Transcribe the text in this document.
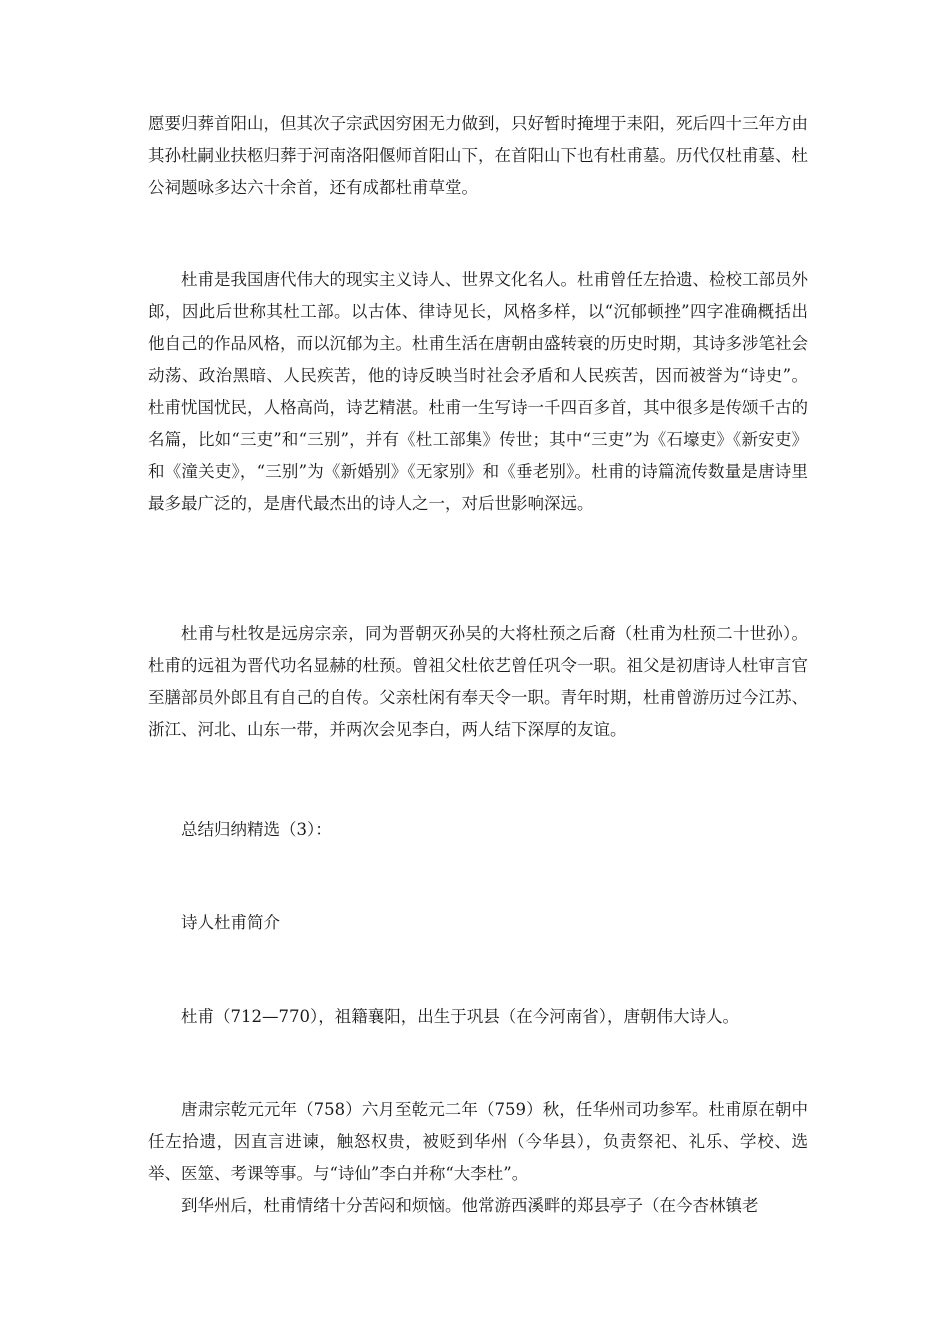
愿要归葬首阳山，但其次子宗武因穷困无力做到，只好暂时掩埋于耒阳，死后四十三年方由其孙杜嗣业扶柩归葬于河南洛阳偃师首阳山下，在首阳山下也有杜甫墓。历代仅杜甫墓、杜公祠题咏多达六十余首，还有成都杜甫草堂。

杜甫是我国唐代伟大的现实主义诗人、世界文化名人。杜甫曾任左拾遗、检校工部员外郎，因此后世称其杜工部。以古体、律诗见长，风格多样，以“沉郁顿挫”四字准确概括出他自己的作品风格，而以沉郁为主。杜甫生活在唐朝由盛转衰的历史时期，其诗多涉笔社会动荡、政治黑暗、人民疾苦，他的诗反映当时社会矛盾和人民疾苦，因而被誉为“诗史”。杜甫忧国忧民，人格高尚，诗艺精湛。杜甫一生写诗一千四百多首，其中很多是传颂千古的名篇，比如“三吏”和“三别”，并有《杜工部集》传世；其中“三吏”为《石壕吏》《新安吏》和《潼关吏》，“三别”为《新婚别》《无家别》和《垂老别》。杜甫的诗篇流传数量是唐诗里最多最广泛的，是唐代最杰出的诗人之一，对后世影响深远。

杜甫与杜牧是远房宗亲，同为晋朝灭孙吴的大将杜预之后裔（杜甫为杜预二十世孙）。杜甫的远祖为晋代功名显赫的杜预。曾祖父杜依艺曾任巩令一职。祖父是初唐诗人杜审言官至膳部员外郎且有自己的自传。父亲杜闲有奉天令一职。青年时期，杜甫曾游历过今江苏、浙江、河北、山东一带，并两次会见李白，两人结下深厚的友谊。

总结归纳精选（3）：

诗人杜甫简介

杜甫（712—770），祖籍襄阳，出生于巩县（在今河南省），唐朝伟大诗人。

唐肃宗乾元元年（758）六月至乾元二年（759）秋，任华州司功参军。杜甫原在朝中任左拾遗，因直言进谏，触怒权贵，被贬到华州（今华县），负责祭祀、礼乐、学校、选举、医筮、考课等事。与“诗仙”李白并称“大李杜”。

到华州后，杜甫情绪十分苦闷和烦恼。他常游西溪畔的郑县亭子（在今杏林镇老
